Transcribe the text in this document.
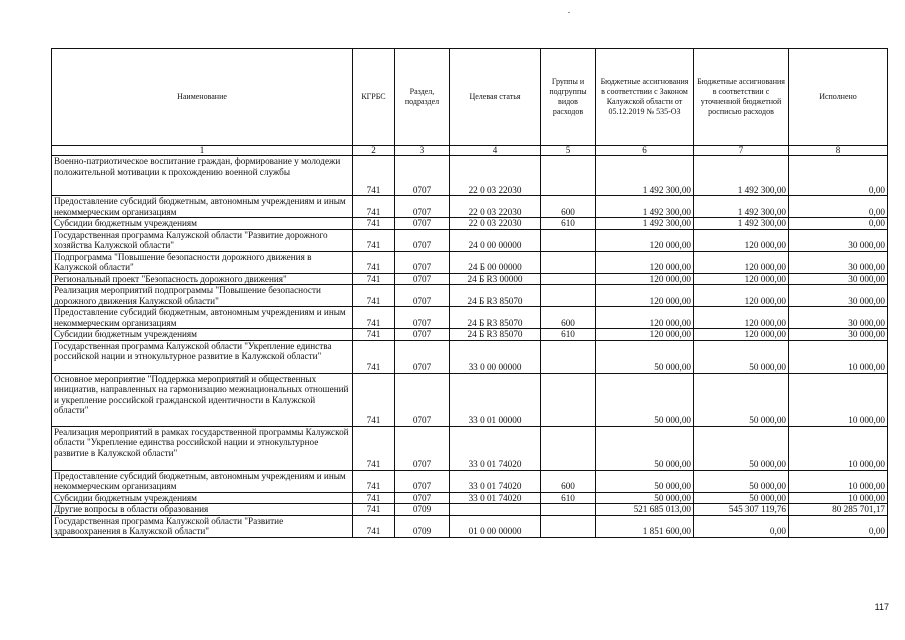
Наименование	КГРБС	Раздел, подраздел	Целевая статья	Группы и подгруппы видов расходов	Бюджетные ассигнования в соответствии с Законом Калужской области от 05.12.2019 № 535-ОЗ	Бюджетные ассигнования в соответствии с уточненной бюджетной росписью расходов	Исполнено
1	2	3	4	5	6	7	8
Военно-патриотическое воспитание граждан, формирование у молодежи положительной мотивации к прохождению военной службы	741	0707	22 0 03 22030		1 492 300,00	1 492 300,00	0,00
Предоставление субсидий бюджетным, автономным учреждениям и иным некоммерческим организациям	741	0707	22 0 03 22030	600	1 492 300,00	1 492 300,00	0,00
Субсидии бюджетным учреждениям	741	0707	22 0 03 22030	610	1 492 300,00	1 492 300,00	0,00
Государственная программа Калужской области "Развитие дорожного хозяйства Калужской области"	741	0707	24 0 00 00000		120 000,00	120 000,00	30 000,00
Подпрограмма "Повышение безопасности дорожного движения в Калужской области"	741	0707	24 Б 00 00000		120 000,00	120 000,00	30 000,00
Региональный проект "Безопасность дорожного движения"	741	0707	24 Б R3 00000		120 000,00	120 000,00	30 000,00
Реализация мероприятий подпрограммы "Повышение безопасности дорожного движения Калужской области"	741	0707	24 Б R3 85070		120 000,00	120 000,00	30 000,00
Предоставление субсидий бюджетным, автономным учреждениям и иным некоммерческим организациям	741	0707	24 Б R3 85070	600	120 000,00	120 000,00	30 000,00
Субсидии бюджетным учреждениям	741	0707	24 Б R3 85070	610	120 000,00	120 000,00	30 000,00
Государственная программа Калужской области "Укрепление единства российской нации и этнокультурное развитие в Калужской области"	741	0707	33 0 00 00000		50 000,00	50 000,00	10 000,00
Основное мероприятие "Поддержка мероприятий и общественных инициатив, направленных на гармонизацию межнациональных отношений и укрепление российской гражданской идентичности в Калужской области"	741	0707	33 0 01 00000		50 000,00	50 000,00	10 000,00
Реализация мероприятий в рамках государственной программы Калужской области "Укрепление единства российской нации и этнокультурное развитие в Калужской области"	741	0707	33 0 01 74020		50 000,00	50 000,00	10 000,00
Предоставление субсидий бюджетным, автономным учреждениям и иным некоммерческим организациям	741	0707	33 0 01 74020	600	50 000,00	50 000,00	10 000,00
Субсидии бюджетным учреждениям	741	0707	33 0 01 74020	610	50 000,00	50 000,00	10 000,00
Другие вопросы в области образования	741	0709			521 685 013,00	545 307 119,76	80 285 701,17
Государственная программа Калужской области "Развитие здравоохранения в Калужской области"	741	0709	01 0 00 00000		1 851 600,00	0,00	0,00
117
